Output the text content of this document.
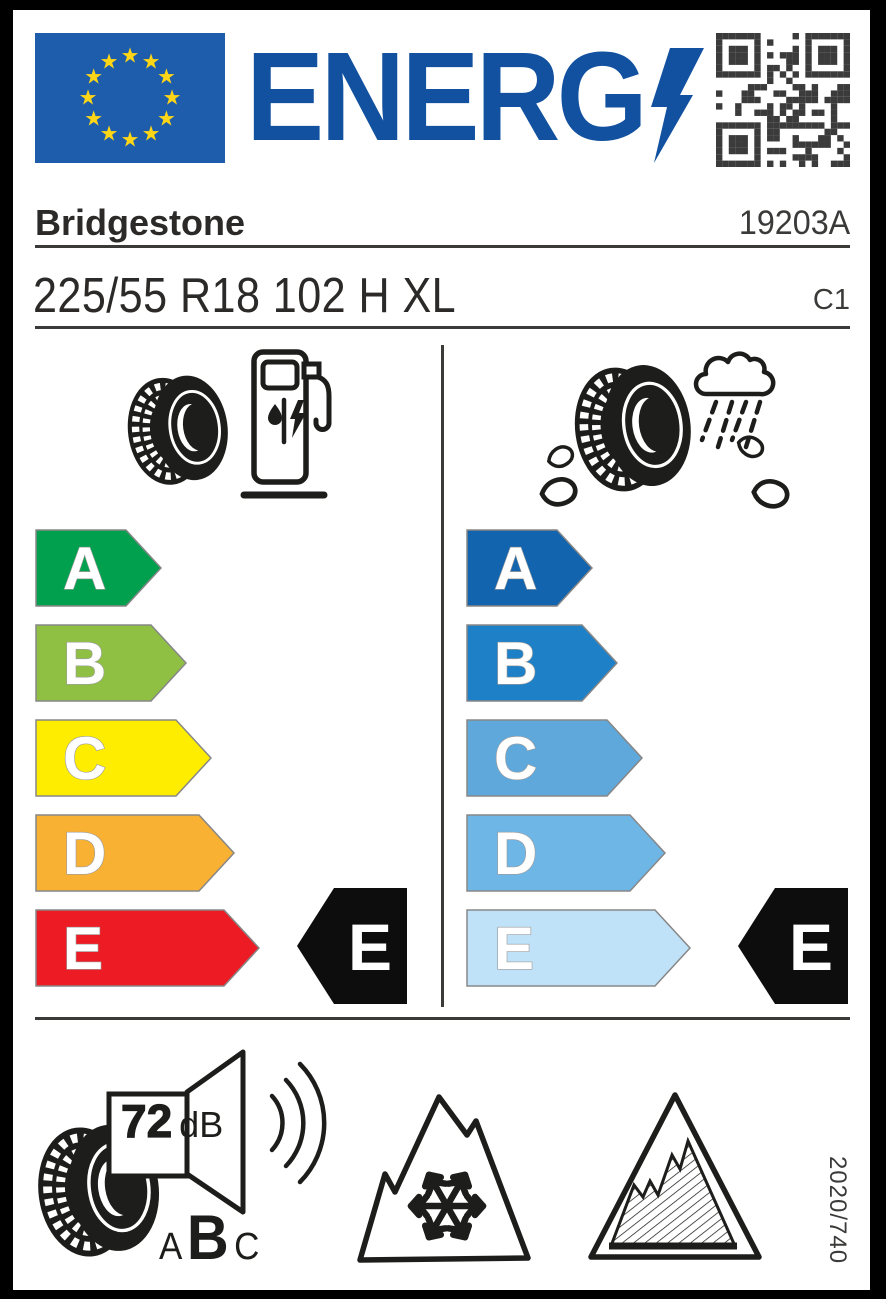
★ ★
★
★
★
★
★
★
★
★
★
★ ENERG
Bridgestone	19203A
225/55 R18 102 H XL	C1
A
B
C
D
E	E
A
B
C
D
E	E
72 dB
A B C	2020/740
